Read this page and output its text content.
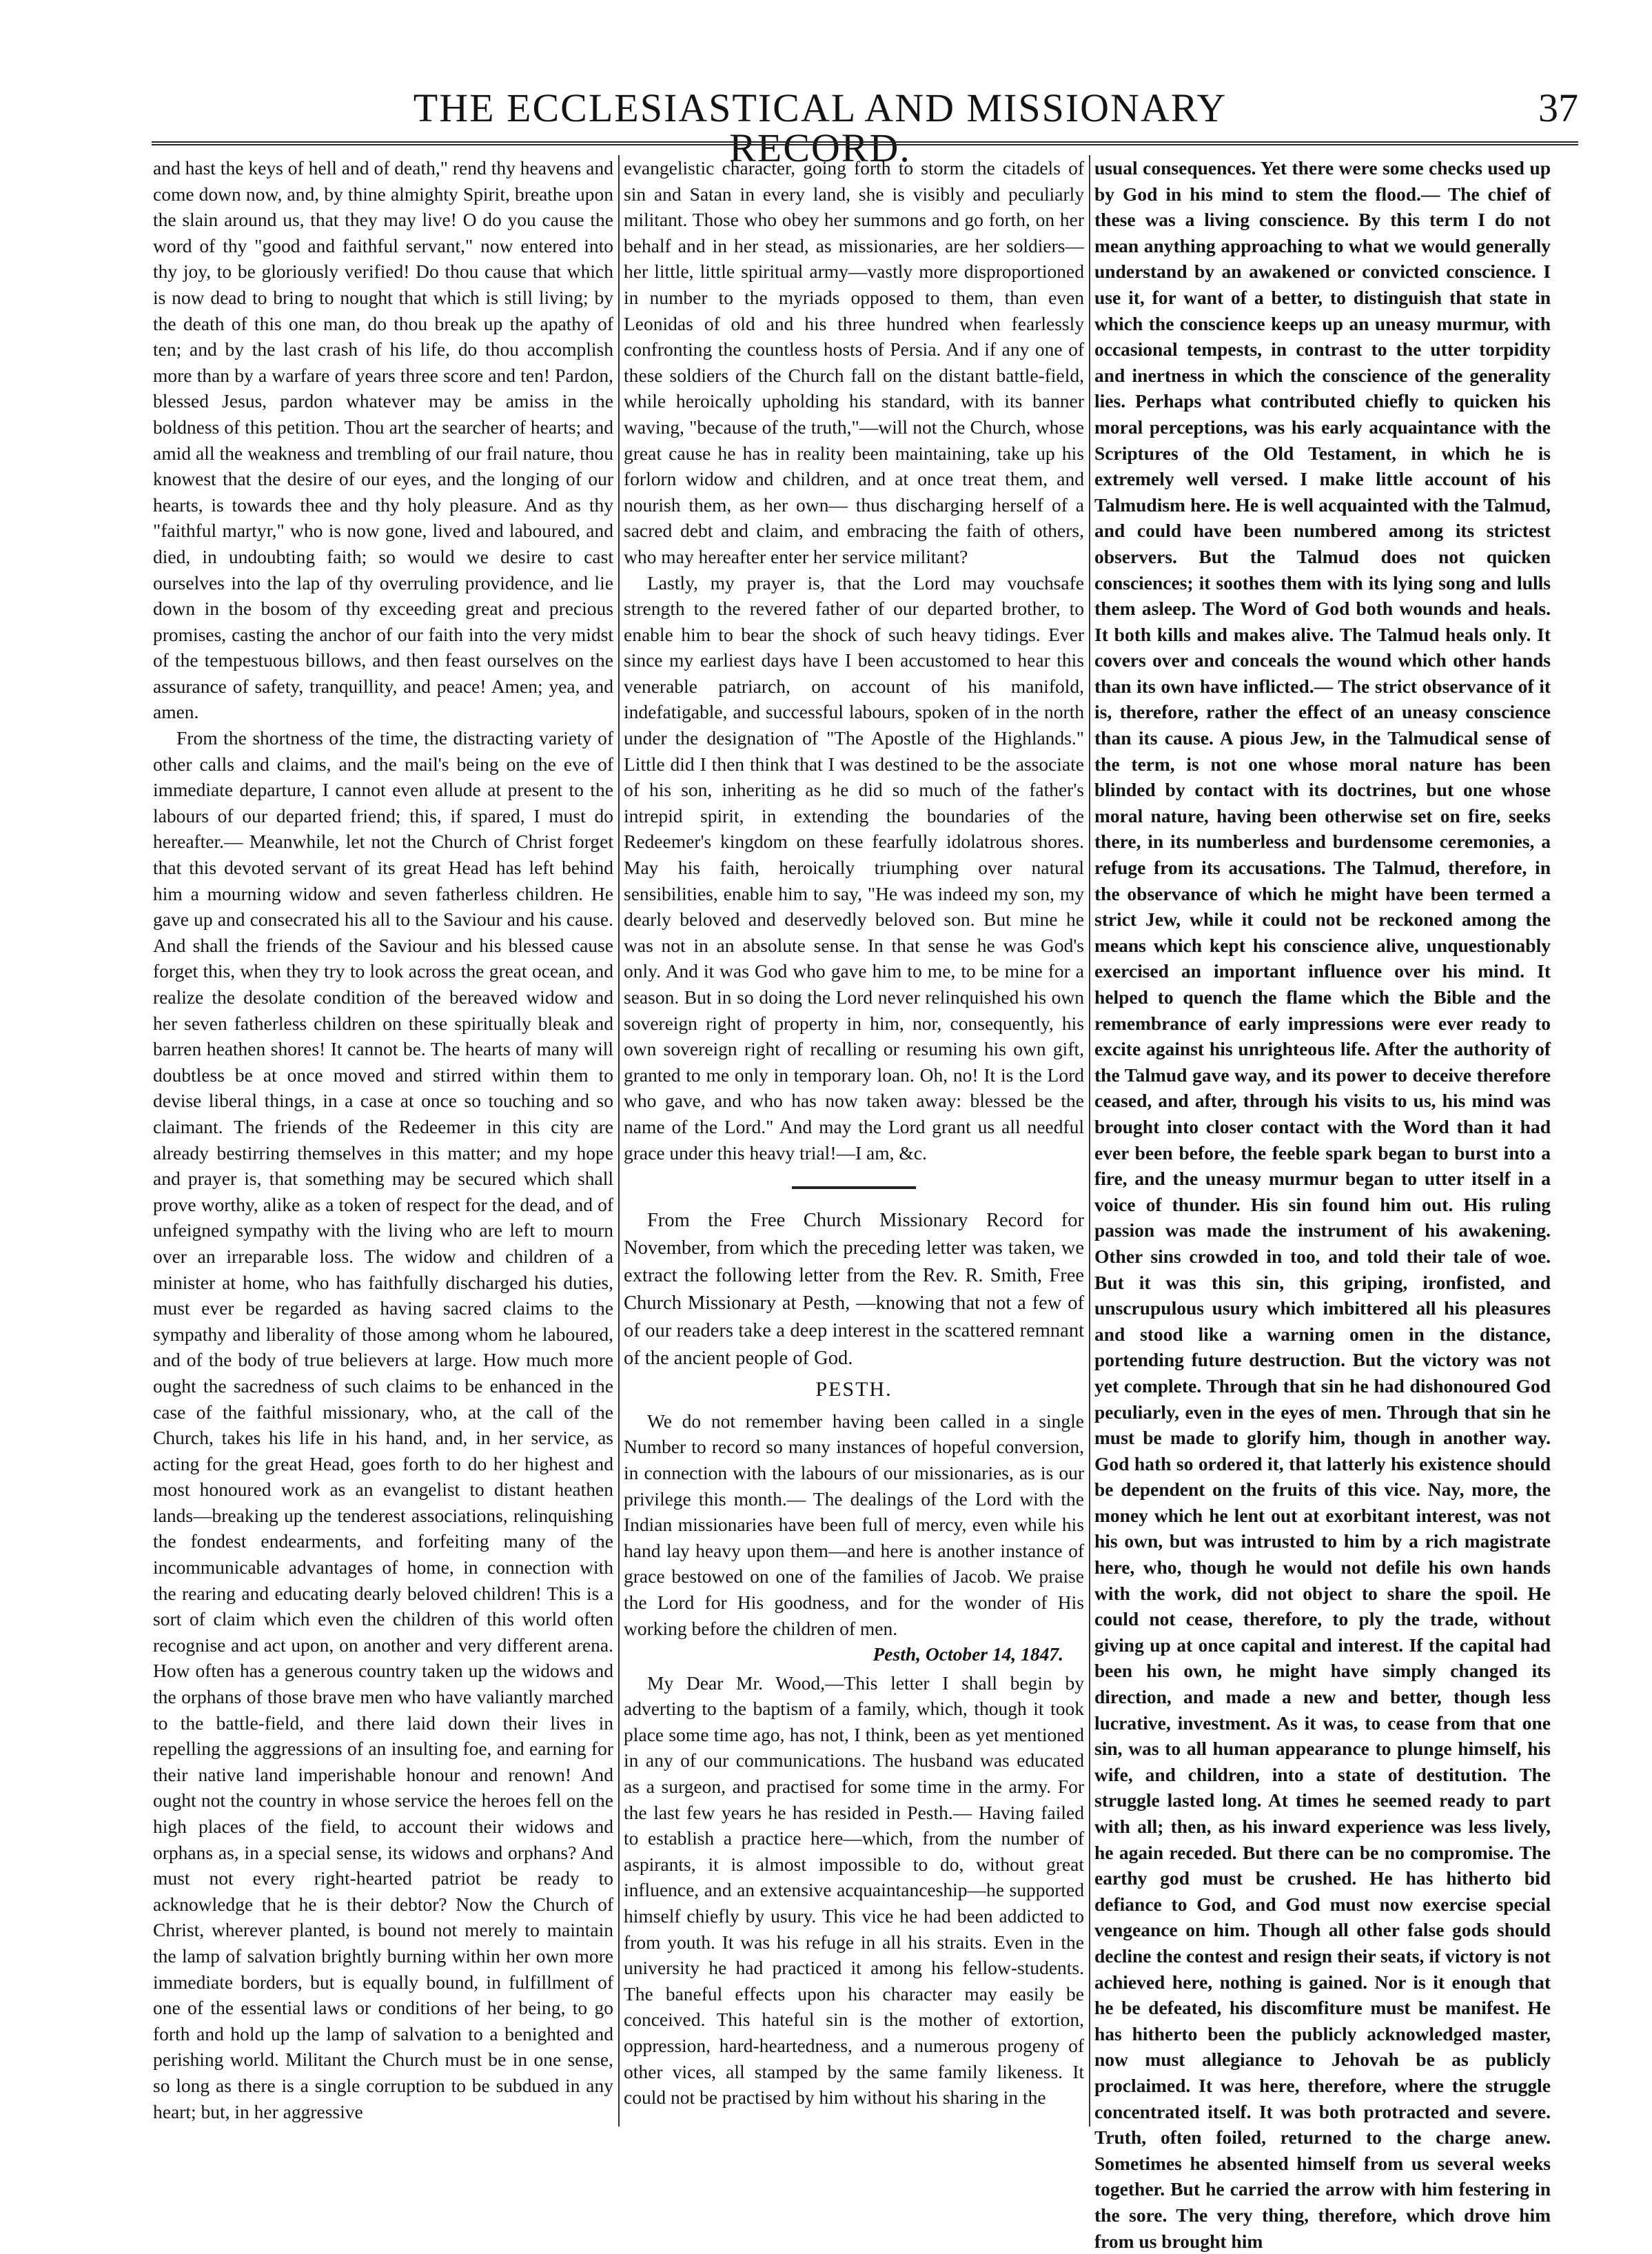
THE ECCLESIASTICAL AND MISSIONARY RECORD.
37

and hast the keys of hell and of death," rend thy heavens and come down now, and, by thine almighty Spirit, breathe upon the slain around us, that they may live! O do you cause the word of thy "good and faithful servant," now entered into thy joy, to be gloriously verified! Do thou cause that which is now dead to bring to nought that which is still living; by the death of this one man, do thou break up the apathy of ten; and by the last crash of his life, do thou accomplish more than by a warfare of years three score and ten! Pardon, blessed Jesus, pardon whatever may be amiss in the boldness of this petition. Thou art the searcher of hearts; and amid all the weakness and trembling of our frail nature, thou knowest that the desire of our eyes, and the longing of our hearts, is towards thee and thy holy pleasure. And as thy "faithful martyr," who is now gone, lived and laboured, and died, in undoubting faith; so would we desire to cast ourselves into the lap of thy overruling providence, and lie down in the bosom of thy exceeding great and precious promises, casting the anchor of our faith into the very midst of the tempestuous billows, and then feast ourselves on the assurance of safety, tranquillity, and peace! Amen; yea, and amen.

From the shortness of the time, the distracting variety of other calls and claims, and the mail's being on the eve of immediate departure, I cannot even allude at present to the labours of our departed friend; this, if spared, I must do hereafter.— Meanwhile, let not the Church of Christ forget that this devoted servant of its great Head has left behind him a mourning widow and seven fatherless children. He gave up and consecrated his all to the Saviour and his cause. And shall the friends of the Saviour and his blessed cause forget this, when they try to look across the great ocean, and realize the desolate condition of the bereaved widow and her seven fatherless children on these spiritually bleak and barren heathen shores! It cannot be. The hearts of many will doubtless be at once moved and stirred within them to devise liberal things, in a case at once so touching and so claimant. The friends of the Redeemer in this city are already bestirring themselves in this matter; and my hope and prayer is, that something may be secured which shall prove worthy, alike as a token of respect for the dead, and of unfeigned sympathy with the living who are left to mourn over an irreparable loss. The widow and children of a minister at home, who has faithfully discharged his duties, must ever be regarded as having sacred claims to the sympathy and liberality of those among whom he laboured, and of the body of true believers at large. How much more ought the sacredness of such claims to be enhanced in the case of the faithful missionary, who, at the call of the Church, takes his life in his hand, and, in her service, as acting for the great Head, goes forth to do her highest and most honoured work as an evangelist to distant heathen lands—breaking up the tenderest associations, relinquishing the fondest endearments, and forfeiting many of the incommunicable advantages of home, in connection with the rearing and educating dearly beloved children! This is a sort of claim which even the children of this world often recognise and act upon, on another and very different arena. How often has a generous country taken up the widows and the orphans of those brave men who have valiantly marched to the battle-field, and there laid down their lives in repelling the aggressions of an insulting foe, and earning for their native land imperishable honour and renown! And ought not the country in whose service the heroes fell on the high places of the field, to account their widows and orphans as, in a special sense, its widows and orphans? And must not every right-hearted patriot be ready to acknowledge that he is their debtor? Now the Church of Christ, wherever planted, is bound not merely to maintain the lamp of salvation brightly burning within her own more immediate borders, but is equally bound, in fulfillment of one of the essential laws or conditions of her being, to go forth and hold up the lamp of salvation to a benighted and perishing world. Militant the Church must be in one sense, so long as there is a single corruption to be subdued in any heart; but, in her aggressive

evangelistic character, going forth to storm the citadels of sin and Satan in every land, she is visibly and peculiarly militant. Those who obey her summons and go forth, on her behalf and in her stead, as missionaries, are her soldiers—her little, little spiritual army—vastly more disproportioned in number to the myriads opposed to them, than even Leonidas of old and his three hundred when fearlessly confronting the countless hosts of Persia. And if any one of these soldiers of the Church fall on the distant battle-field, while heroically upholding his standard, with its banner waving, "because of the truth,"—will not the Church, whose great cause he has in reality been maintaining, take up his forlorn widow and children, and at once treat them, and nourish them, as her own— thus discharging herself of a sacred debt and claim, and embracing the faith of others, who may hereafter enter her service militant?

Lastly, my prayer is, that the Lord may vouchsafe strength to the revered father of our departed brother, to enable him to bear the shock of such heavy tidings. Ever since my earliest days have I been accustomed to hear this venerable patriarch, on account of his manifold, indefatigable, and successful labours, spoken of in the north under the designation of "The Apostle of the Highlands." Little did I then think that I was destined to be the associate of his son, inheriting as he did so much of the father's intrepid spirit, in extending the boundaries of the Redeemer's kingdom on these fearfully idolatrous shores. May his faith, heroically triumphing over natural sensibilities, enable him to say, "He was indeed my son, my dearly beloved and deservedly beloved son. But mine he was not in an absolute sense. In that sense he was God's only. And it was God who gave him to me, to be mine for a season. But in so doing the Lord never relinquished his own sovereign right of property in him, nor, consequently, his own sovereign right of recalling or resuming his own gift, granted to me only in temporary loan. Oh, no! It is the Lord who gave, and who has now taken away: blessed be the name of the Lord." And may the Lord grant us all needful grace under this heavy trial!—I am, &c.

From the Free Church Missionary Record for November, from which the preceding letter was taken, we extract the following letter from the Rev. R. Smith, Free Church Missionary at Pesth, —knowing that not a few of of our readers take a deep interest in the scattered remnant of the ancient people of God.

PESTH.

We do not remember having been called in a single Number to record so many instances of hopeful conversion, in connection with the labours of our missionaries, as is our privilege this month.— The dealings of the Lord with the Indian missionaries have been full of mercy, even while his hand lay heavy upon them—and here is another instance of grace bestowed on one of the families of Jacob. We praise the Lord for His goodness, and for the wonder of His working before the children of men.

Pesth, October 14, 1847.

My Dear Mr. Wood,—This letter I shall begin by adverting to the baptism of a family, which, though it took place some time ago, has not, I think, been as yet mentioned in any of our communications. The husband was educated as a surgeon, and practised for some time in the army. For the last few years he has resided in Pesth.— Having failed to establish a practice here—which, from the number of aspirants, it is almost impossible to do, without great influence, and an extensive acquaintanceship—he supported himself chiefly by usury. This vice he had been addicted to from youth. It was his refuge in all his straits. Even in the university he had practiced it among his fellow-students. The baneful effects upon his character may easily be conceived. This hateful sin is the mother of extortion, oppression, hard-heartedness, and a numerous progeny of other vices, all stamped by the same family likeness. It could not be practised by him without his sharing in the

usual consequences. Yet there were some checks used up by God in his mind to stem the flood.— The chief of these was a living conscience. By this term I do not mean anything approaching to what we would generally understand by an awakened or convicted conscience. I use it, for want of a better, to distinguish that state in which the conscience keeps up an uneasy murmur, with occasional tempests, in contrast to the utter torpidity and inertness in which the conscience of the generality lies. Perhaps what contributed chiefly to quicken his moral perceptions, was his early acquaintance with the Scriptures of the Old Testament, in which he is extremely well versed. I make little account of his Talmudism here. He is well acquainted with the Talmud, and could have been numbered among its strictest observers. But the Talmud does not quicken consciences; it soothes them with its lying song and lulls them asleep. The Word of God both wounds and heals. It both kills and makes alive. The Talmud heals only. It covers over and conceals the wound which other hands than its own have inflicted.— The strict observance of it is, therefore, rather the effect of an uneasy conscience than its cause. A pious Jew, in the Talmudical sense of the term, is not one whose moral nature has been blinded by contact with its doctrines, but one whose moral nature, having been otherwise set on fire, seeks there, in its numberless and burdensome ceremonies, a refuge from its accusations. The Talmud, therefore, in the observance of which he might have been termed a strict Jew, while it could not be reckoned among the means which kept his conscience alive, unquestionably exercised an important influence over his mind. It helped to quench the flame which the Bible and the remembrance of early impressions were ever ready to excite against his unrighteous life. After the authority of the Talmud gave way, and its power to deceive therefore ceased, and after, through his visits to us, his mind was brought into closer contact with the Word than it had ever been before, the feeble spark began to burst into a fire, and the uneasy murmur began to utter itself in a voice of thunder. His sin found him out. His ruling passion was made the instrument of his awakening. Other sins crowded in too, and told their tale of woe. But it was this sin, this griping, ironfisted, and unscrupulous usury which imbittered all his pleasures and stood like a warning omen in the distance, portending future destruction. But the victory was not yet complete. Through that sin he had dishonoured God peculiarly, even in the eyes of men. Through that sin he must be made to glorify him, though in another way. God hath so ordered it, that latterly his existence should be dependent on the fruits of this vice. Nay, more, the money which he lent out at exorbitant interest, was not his own, but was intrusted to him by a rich magistrate here, who, though he would not defile his own hands with the work, did not object to share the spoil. He could not cease, therefore, to ply the trade, without giving up at once capital and interest. If the capital had been his own, he might have simply changed its direction, and made a new and better, though less lucrative, investment. As it was, to cease from that one sin, was to all human appearance to plunge himself, his wife, and children, into a state of destitution. The struggle lasted long. At times he seemed ready to part with all; then, as his inward experience was less lively, he again receded. But there can be no compromise. The earthy god must be crushed. He has hitherto bid defiance to God, and God must now exercise special vengeance on him. Though all other false gods should decline the contest and resign their seats, if victory is not achieved here, nothing is gained. Nor is it enough that he be defeated, his discomfiture must be manifest. He has hitherto been the publicly acknowledged master, now must allegiance to Jehovah be as publicly proclaimed. It was here, therefore, where the struggle concentrated itself. It was both protracted and severe. Truth, often foiled, returned to the charge anew. Sometimes he absented himself from us several weeks together. But he carried the arrow with him festering in the sore. The very thing, therefore, which drove him from us brought him
